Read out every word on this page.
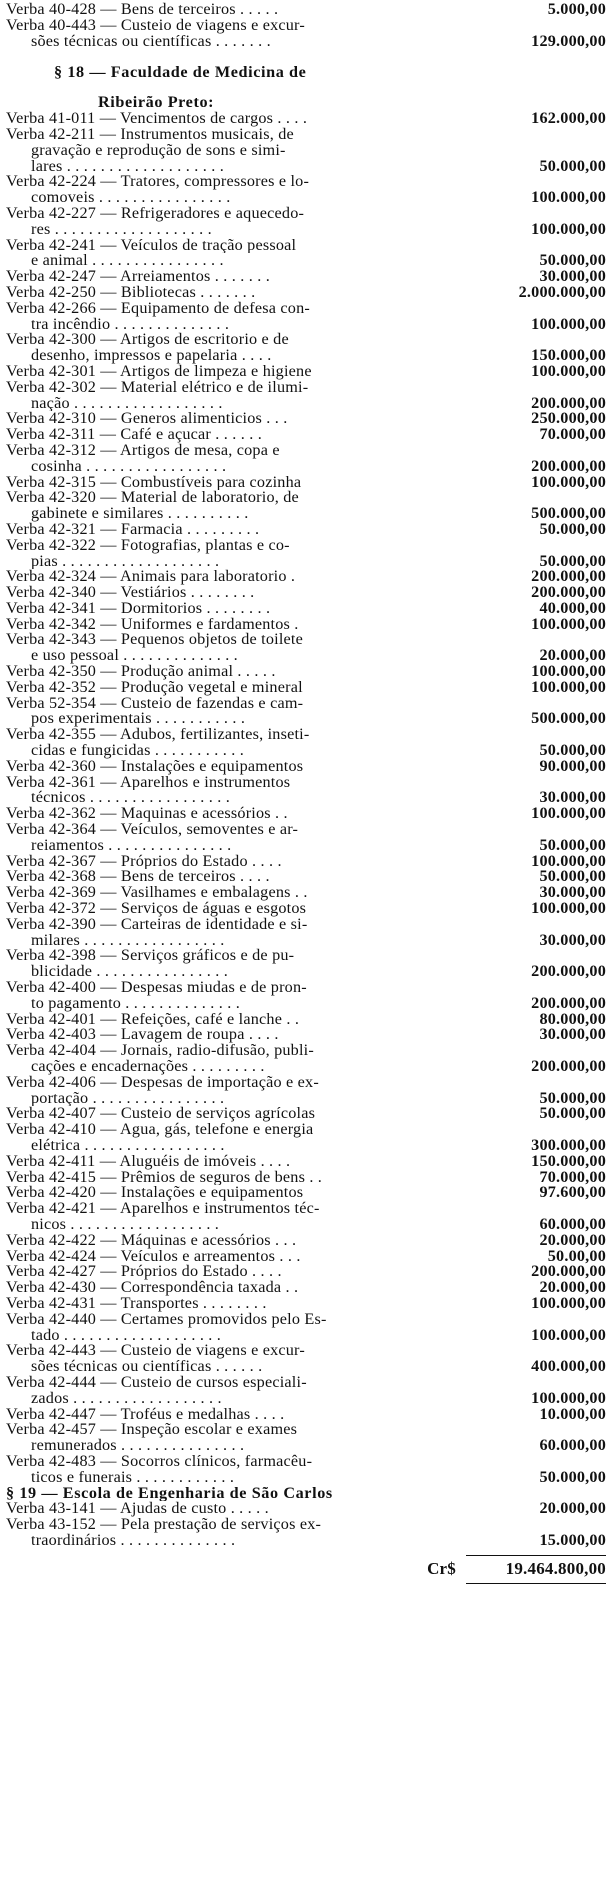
Verba 40-428 — Bens de terceiros . . . . .	5.000,00
Verba 40-443 — Custeio de viagens e excur-
sões técnicas ou científicas . . . . . . .	129.000,00
§ 18 — Faculdade de Medicina de
Ribeirão Preto:
Verba 41-011 — Vencimentos de cargos . . . .	162.000,00
Verba 42-211 — Instrumentos musicais, de
gravação e reprodução de sons e simi-
lares . . . . . . . . . . . . . . . . . . .	50.000,00
Verba 42-224 — Tratores, compressores e lo-
comoveis . . . . . . . . . . . . . . . .	100.000,00
Verba 42-227 — Refrigeradores e aquecedo-
res . . . . . . . . . . . . . . . . . . .	100.000,00
Verba 42-241 — Veículos de tração pessoal
e animal . . . . . . . . . . . . . . . .	50.000,00
Verba 42-247 — Arreiamentos . . . . . . .	30.000,00
Verba 42-250 — Bibliotecas . . . . . . .	2.000.000,00
Verba 42-266 — Equipamento de defesa con-
tra incêndio . . . . . . . . . . . . . .	100.000,00
Verba 42-300 — Artigos de escritorio e de
desenho, impressos e papelaria . . . .	150.000,00
Verba 42-301 — Artigos de limpeza e higiene	100.000,00
Verba 42-302 — Material elétrico e de ilumi-
nação . . . . . . . . . . . . . . . . . .	200.000,00
Verba 42-310 — Generos alimenticios . . .	250.000,00
Verba 42-311 — Café e açucar . . . . . .	70.000,00
Verba 42-312 — Artigos de mesa, copa e
cosinha . . . . . . . . . . . . . . . . .	200.000,00
Verba 42-315 — Combustíveis para cozinha	100.000,00
Verba 42-320 — Material de laboratorio, de
gabinete e similares . . . . . . . . . .	500.000,00
Verba 42-321 — Farmacia . . . . . . . . .	50.000,00
Verba 42-322 — Fotografias, plantas e co-
pias . . . . . . . . . . . . . . . . . . .	50.000,00
Verba 42-324 — Animais para laboratorio .	200.000,00
Verba 42-340 — Vestiários . . . . . . . .	200.000,00
Verba 42-341 — Dormitorios . . . . . . . .	40.000,00
Verba 42-342 — Uniformes e fardamentos .	100.000,00
Verba 42-343 — Pequenos objetos de toilete
e uso pessoal . . . . . . . . . . . . . .	20.000,00
Verba 42-350 — Produção animal . . . . .	100.000,00
Verba 42-352 — Produção vegetal e mineral	100.000,00
Verba 52-354 — Custeio de fazendas e cam-
pos experimentais . . . . . . . . . . .	500.000,00
Verba 42-355 — Adubos, fertilizantes, inseti-
cidas e fungicidas . . . . . . . . . . .	50.000,00
Verba 42-360 — Instalações e equipamentos	90.000,00
Verba 42-361 — Aparelhos e instrumentos
técnicos . . . . . . . . . . . . . . . . .	30.000,00
Verba 42-362 — Maquinas e acessórios . .	100.000,00
Verba 42-364 — Veículos, semoventes e ar-
reiamentos . . . . . . . . . . . . . . .	50.000,00
Verba 42-367 — Próprios do Estado . . . .	100.000,00
Verba 42-368 — Bens de terceiros . . . .	50.000,00
Verba 42-369 — Vasilhames e embalagens . .	30.000,00
Verba 42-372 — Serviços de águas e esgotos	100.000,00
Verba 42-390 — Carteiras de identidade e si-
milares . . . . . . . . . . . . . . . . .	30.000,00
Verba 42-398 — Serviços gráficos e de pu-
blicidade . . . . . . . . . . . . . . . .	200.000,00
Verba 42-400 — Despesas miudas e de pron-
to pagamento . . . . . . . . . . . . . .	200.000,00
Verba 42-401 — Refeições, café e lanche . .	80.000,00
Verba 42-403 — Lavagem de roupa . . . .	30.000,00
Verba 42-404 — Jornais, radio-difusão, publi-
cações e encadernações . . . . . . . . .	200.000,00
Verba 42-406 — Despesas de importação e ex-
portação . . . . . . . . . . . . . . . .	50.000,00
Verba 42-407 — Custeio de serviços agrícolas	50.000,00
Verba 42-410 — Agua, gás, telefone e energia
elétrica . . . . . . . . . . . . . . . . .	300.000,00
Verba 42-411 — Aluguéis de imóveis . . . .	150.000,00
Verba 42-415 — Prêmios de seguros de bens . .	70.000,00
Verba 42-420 — Instalações e equipamentos	97.600,00
Verba 42-421 — Aparelhos e instrumentos téc-
nicos . . . . . . . . . . . . . . . . . .	60.000,00
Verba 42-422 — Máquinas e acessórios . . .	20.000,00
Verba 42-424 — Veículos e arreamentos . . .	50.00,00
Verba 42-427 — Próprios do Estado . . . .	200.000,00
Verba 42-430 — Correspondência taxada . .	20.000,00
Verba 42-431 — Transportes . . . . . . . .	100.000,00
Verba 42-440 — Certames promovidos pelo Es-
tado . . . . . . . . . . . . . . . . . . .	100.000,00
Verba 42-443 — Custeio de viagens e excur-
sões técnicas ou científicas . . . . . .	400.000,00
Verba 42-444 — Custeio de cursos especiali-
zados . . . . . . . . . . . . . . . . . .	100.000,00
Verba 42-447 — Troféus e medalhas . . . .	10.000,00
Verba 42-457 — Inspeção escolar e exames
remunerados . . . . . . . . . . . . . . .	60.000,00
Verba 42-483 — Socorros clínicos, farmacêu-
ticos e funerais . . . . . . . . . . . .	50.000,00
§ 19 — Escola de Engenharia de São Carlos
Verba 43-141 — Ajudas de custo . . . . .	20.000,00
Verba 43-152 — Pela prestação de serviços ex-
traordinários . . . . . . . . . . . . . .	15.000,00
Cr$	19.464.800,00
